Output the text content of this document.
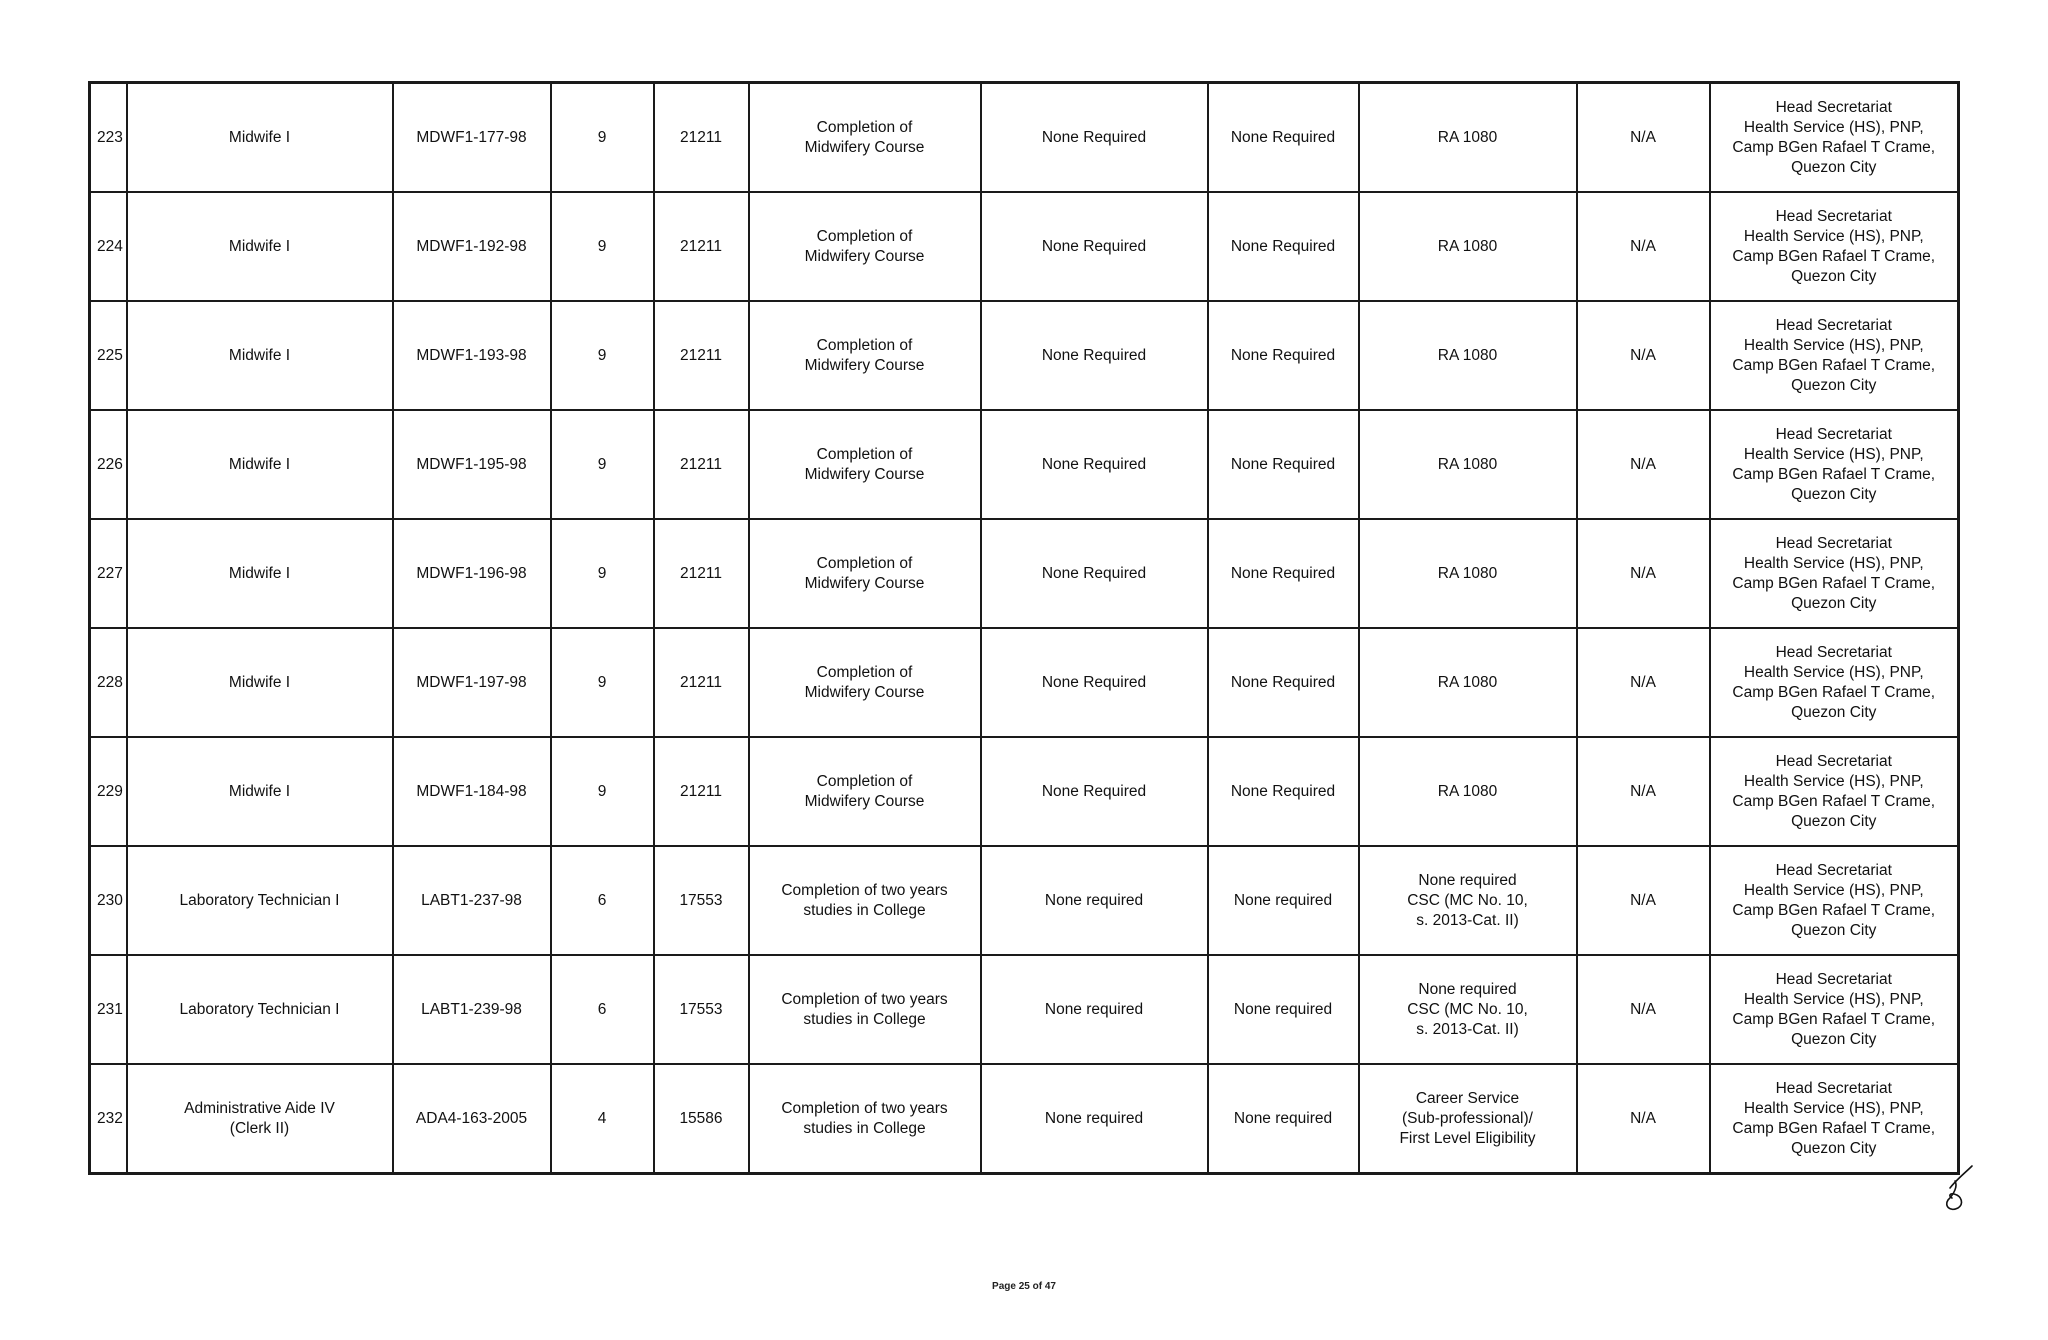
223	Midwife I	MDWF1-177-98	9	21211	Completion of
Midwifery Course	None Required	None Required	RA 1080	N/A	Head Secretariat
Health Service (HS), PNP,
Camp BGen Rafael T Crame,
Quezon City

224	Midwife I	MDWF1-192-98	9	21211	Completion of
Midwifery Course	None Required	None Required	RA 1080	N/A	Head Secretariat
Health Service (HS), PNP,
Camp BGen Rafael T Crame,
Quezon City

225	Midwife I	MDWF1-193-98	9	21211	Completion of
Midwifery Course	None Required	None Required	RA 1080	N/A	Head Secretariat
Health Service (HS), PNP,
Camp BGen Rafael T Crame,
Quezon City

226	Midwife I	MDWF1-195-98	9	21211	Completion of
Midwifery Course	None Required	None Required	RA 1080	N/A	Head Secretariat
Health Service (HS), PNP,
Camp BGen Rafael T Crame,
Quezon City

227	Midwife I	MDWF1-196-98	9	21211	Completion of
Midwifery Course	None Required	None Required	RA 1080	N/A	Head Secretariat
Health Service (HS), PNP,
Camp BGen Rafael T Crame,
Quezon City

228	Midwife I	MDWF1-197-98	9	21211	Completion of
Midwifery Course	None Required	None Required	RA 1080	N/A	Head Secretariat
Health Service (HS), PNP,
Camp BGen Rafael T Crame,
Quezon City

229	Midwife I	MDWF1-184-98	9	21211	Completion of
Midwifery Course	None Required	None Required	RA 1080	N/A	Head Secretariat
Health Service (HS), PNP,
Camp BGen Rafael T Crame,
Quezon City

230	Laboratory Technician I	LABT1-237-98	6	17553	Completion of two years
studies in College	None required	None required	None required
CSC (MC No. 10,
s. 2013-Cat. II)	N/A	Head Secretariat
Health Service (HS), PNP,
Camp BGen Rafael T Crame,
Quezon City

231	Laboratory Technician I	LABT1-239-98	6	17553	Completion of two years
studies in College	None required	None required	None required
CSC (MC No. 10,
s. 2013-Cat. II)	N/A	Head Secretariat
Health Service (HS), PNP,
Camp BGen Rafael T Crame,
Quezon City

232	Administrative Aide IV
(Clerk II)	ADA4-163-2005	4	15586	Completion of two years
studies in College	None required	None required	Career Service
(Sub-professional)/
First Level Eligibility	N/A	Head Secretariat
Health Service (HS), PNP,
Camp BGen Rafael T Crame,
Quezon City
Page 25 of 47
